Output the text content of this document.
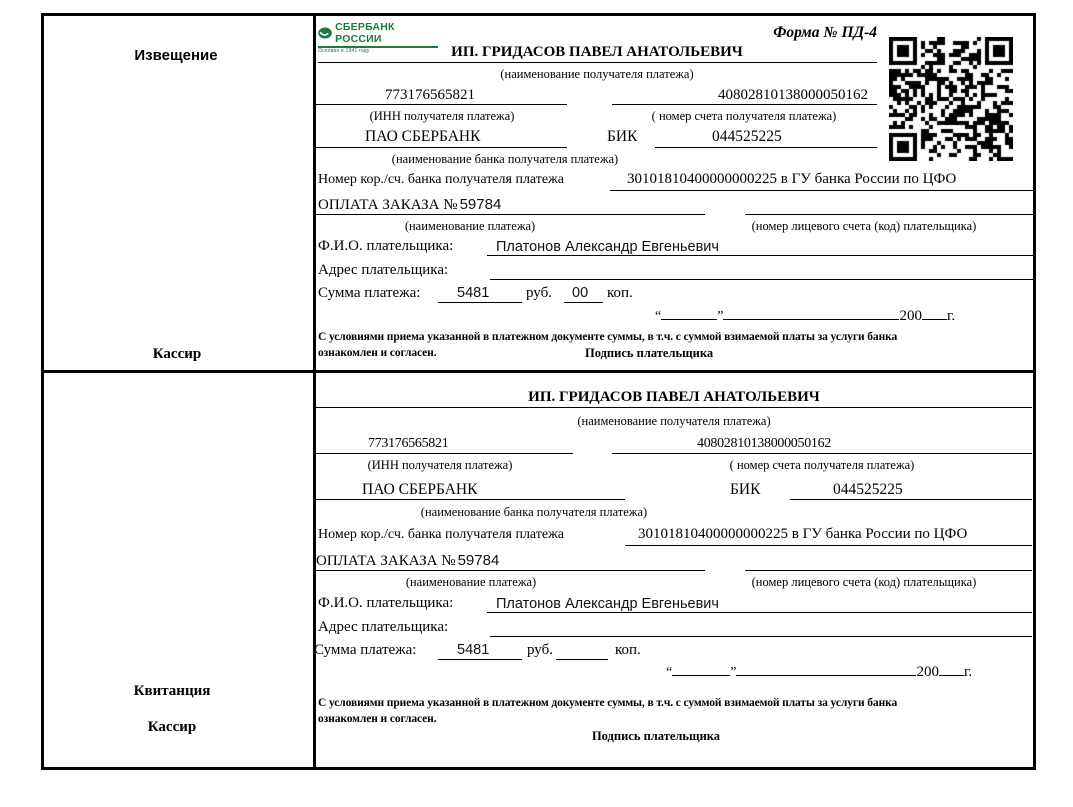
Извещение
Кассир
СБЕРБАНК РОССИИ
Основан в 1841 году
Форма № ПД-4
ИП. ГРИДАСОВ ПАВЕЛ АНАТОЛЬЕВИЧ
(наименование получателя платежа)
773176565821	40802810138000050162
(ИНН получателя платежа)	( номер счета получателя платежа)
ПАО СБЕРБАНК	БИК	044525225
(наименование банка получателя платежа)
Номер кор./сч. банка получателя платежа	30101810400000000225 в ГУ банка России по ЦФО
ОПЛАТА ЗАКАЗА № 59784
(наименование платежа)	(номер лицевого счета (код) плательщика)
Ф.И.О. плательщика:	Платонов Александр Евгеньевич
Адрес плательщика:
Сумма платежа:	5481 руб. 00 коп.
“	”	200 г.
С условиями приема указанной в платежном документе суммы, в т.ч. с суммой взимаемой платы за услуги банка
ознакомлен и согласен.	Подпись плательщика
Квитанция
Кассир
ИП. ГРИДАСОВ ПАВЕЛ АНАТОЛЬЕВИЧ
(наименование получателя платежа)
773176565821	40802810138000050162
(ИНН получателя платежа)	( номер счета получателя платежа)
ПАО СБЕРБАНК	БИК	044525225
(наименование банка получателя платежа)
Номер кор./сч. банка получателя платежа	30101810400000000225 в ГУ банка России по ЦФО
ОПЛАТА ЗАКАЗА № 59784
(наименование платежа)	(номер лицевого счета (код) плательщика)
Ф.И.О. плательщика:	Платонов Александр Евгеньевич
Адрес плательщика:
Сумма платежа:	5481	руб.	коп.
“	”	200 г.
С условиями приема указанной в платежном документе суммы, в т.ч. с суммой взимаемой платы за услуги банка
ознакомлен и согласен.
Подпись плательщика
